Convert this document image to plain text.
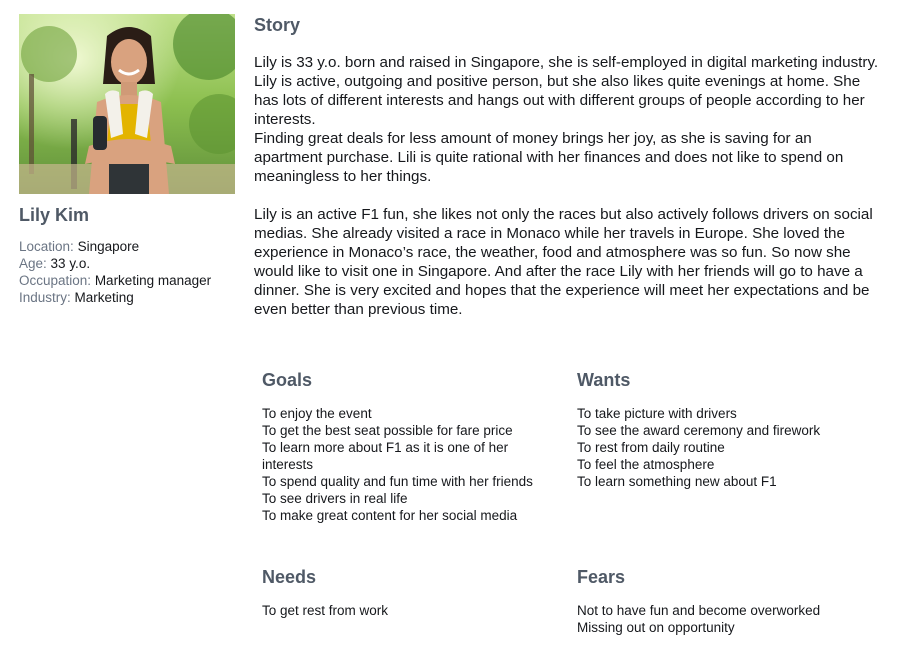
Lily Kim
Location: Singapore
Age: 33 y.o.
Occupation: Marketing manager
Industry: Marketing
Story

Lily is 33 y.o. born and raised in Singapore, she is self-employed in digital marketing industry. Lily is active, outgoing and positive person, but she also likes quite evenings at home. She has lots of different interests and hangs out with different groups of people according to her interests.

Finding great deals for less amount of money brings her joy, as she is saving for an apartment purchase. Lili is quite rational with her finances and does not like to spend on meaningless to her things.

Lily is an active F1 fun, she likes not only the races but also actively follows drivers on social medias. She already visited a race in Monaco while her travels in Europe. She loved the experience in Monaco’s race, the weather, food and atmosphere was so fun. So now she would like to visit one in Singapore. And after the race Lily with her friends will go to have a dinner. She is very excited and hopes that the experience will meet her expectations and be even better than previous time.

Goals
To enjoy the event
To get the best seat possible for fare price
To learn more about F1 as it is one of her interests
To spend quality and fun time with her friends
To see drivers in real life
To make great content for her social media
Wants
To take picture with drivers
To see the award ceremony and firework
To rest from daily routine
To feel the atmosphere
To learn something new about F1
Needs
To get rest from work
Fears
Not to have fun and become overworked
Missing out on opportunity
